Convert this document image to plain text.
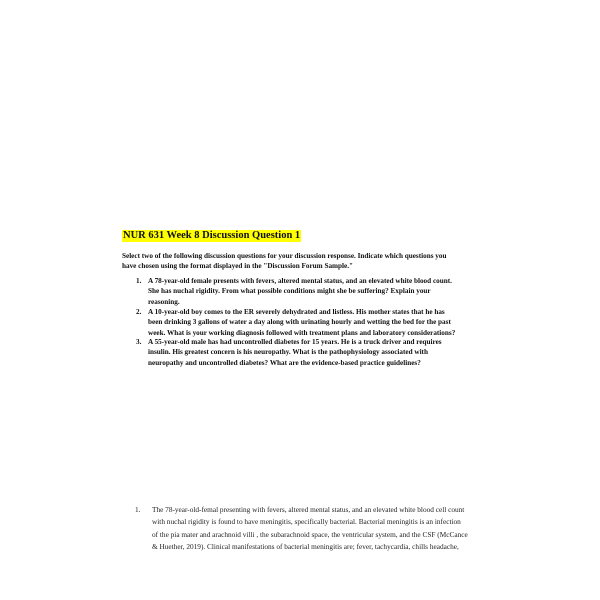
NUR 631 Week 8 Discussion Question 1
Select two of the following discussion questions for your discussion response. Indicate which questions you
have chosen using the format displayed in the "Discussion Forum Sample."
1. A 78-year-old female presents with fevers, altered mental status, and an elevated white blood count.
She has nuchal rigidity. From what possible conditions might she be suffering? Explain your
reasoning.
2. A 10-year-old boy comes to the ER severely dehydrated and listless. His mother states that he has
been drinking 3 gallons of water a day along with urinating hourly and wetting the bed for the past
week. What is your working diagnosis followed with treatment plans and laboratory considerations?
3. A 55-year-old male has had uncontrolled diabetes for 15 years. He is a truck driver and requires
insulin. His greatest concern is his neuropathy. What is the pathophysiology associated with
neuropathy and uncontrolled diabetes? What are the evidence-based practice guidelines?
1.	The 78-year-old-femal presenting with fevers, altered mental status, and an elevated white blood cell count
with nuchal rigidity is found to have meningitis, specifically bacterial. Bacterial meningitis is an infection
of the pia mater and arachnoid villi , the subarachnoid space, the ventricular system, and the CSF (McCance
& Huether, 2019). Clinical manifestations of bacterial meningitis are; fever, tachycardia, chills headache,
